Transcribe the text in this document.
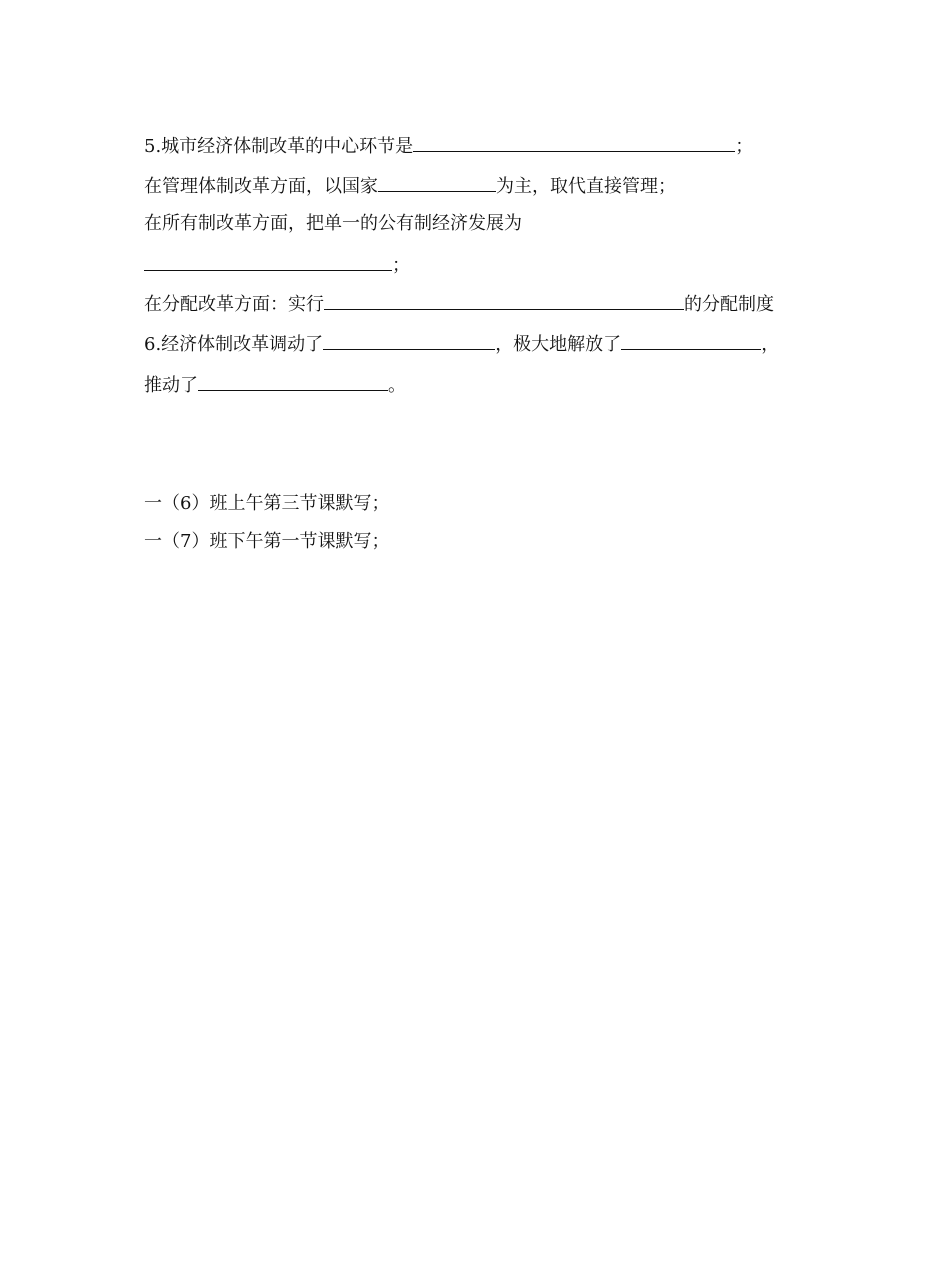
5.城市经济体制改革的中心环节是	；
在管理体制改革方面，以国家	为主，取代直接管理；
在所有制改革方面，把单一的公有制经济发展为
；
在分配改革方面：实行	的分配制度
6.经济体制改革调动了	，极大地解放了	，
推动了	。
一（6）班上午第三节课默写；
一（7）班下午第一节课默写；
